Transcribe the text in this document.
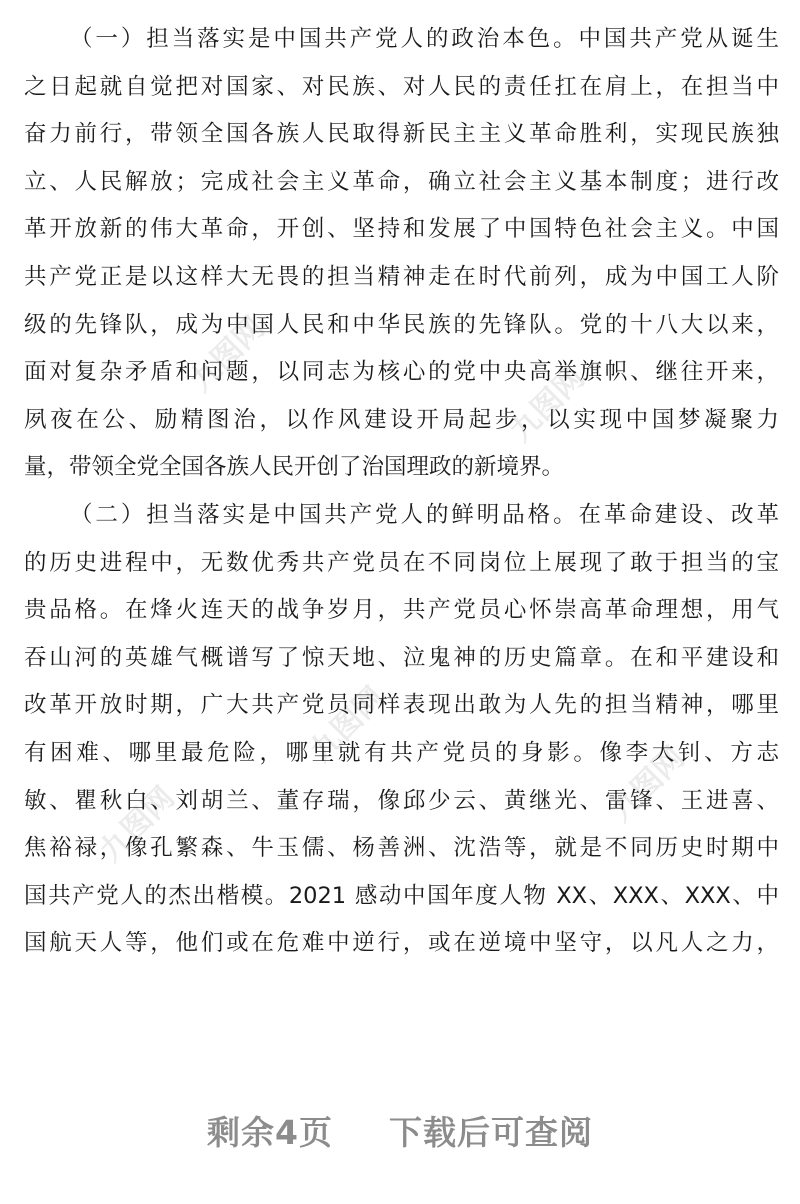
九图网
九图网
九图网
九图网	九图网
（一）担当落实是中国共产党人的政治本色。中国共产党从诞生
之日起就自觉把对国家、对民族、对人民的责任扛在肩上，在担当中
奋力前行，带领全国各族人民取得新民主主义革命胜利，实现民族独
立、人民解放；完成社会主义革命，确立社会主义基本制度；进行改
革开放新的伟大革命，开创、坚持和发展了中国特色社会主义。中国
共产党正是以这样大无畏的担当精神走在时代前列，成为中国工人阶
级的先锋队，成为中国人民和中华民族的先锋队。党的十八大以来，
面对复杂矛盾和问题，以同志为核心的党中央高举旗帜、继往开来，
夙夜在公、励精图治，以作风建设开局起步，以实现中国梦凝聚力
量，带领全党全国各族人民开创了治国理政的新境界。
（二）担当落实是中国共产党人的鲜明品格。在革命建设、改革
的历史进程中，无数优秀共产党员在不同岗位上展现了敢于担当的宝
贵品格。在烽火连天的战争岁月，共产党员心怀崇高革命理想，用气
吞山河的英雄气概谱写了惊天地、泣鬼神的历史篇章。在和平建设和
改革开放时期，广大共产党员同样表现出敢为人先的担当精神，哪里
有困难、哪里最危险，哪里就有共产党员的身影。像李大钊、方志
敏、瞿秋白、刘胡兰、董存瑞，像邱少云、黄继光、雷锋、王进喜、
焦裕禄，像孔繁森、牛玉儒、杨善洲、沈浩等，就是不同历史时期中
国共产党人的杰出楷模。2021 感动中国年度人物 XX、XXX、XXX、中
国航天人等，他们或在危难中逆行，或在逆境中坚守，以凡人之力，
剩余4页 下载后可查阅
